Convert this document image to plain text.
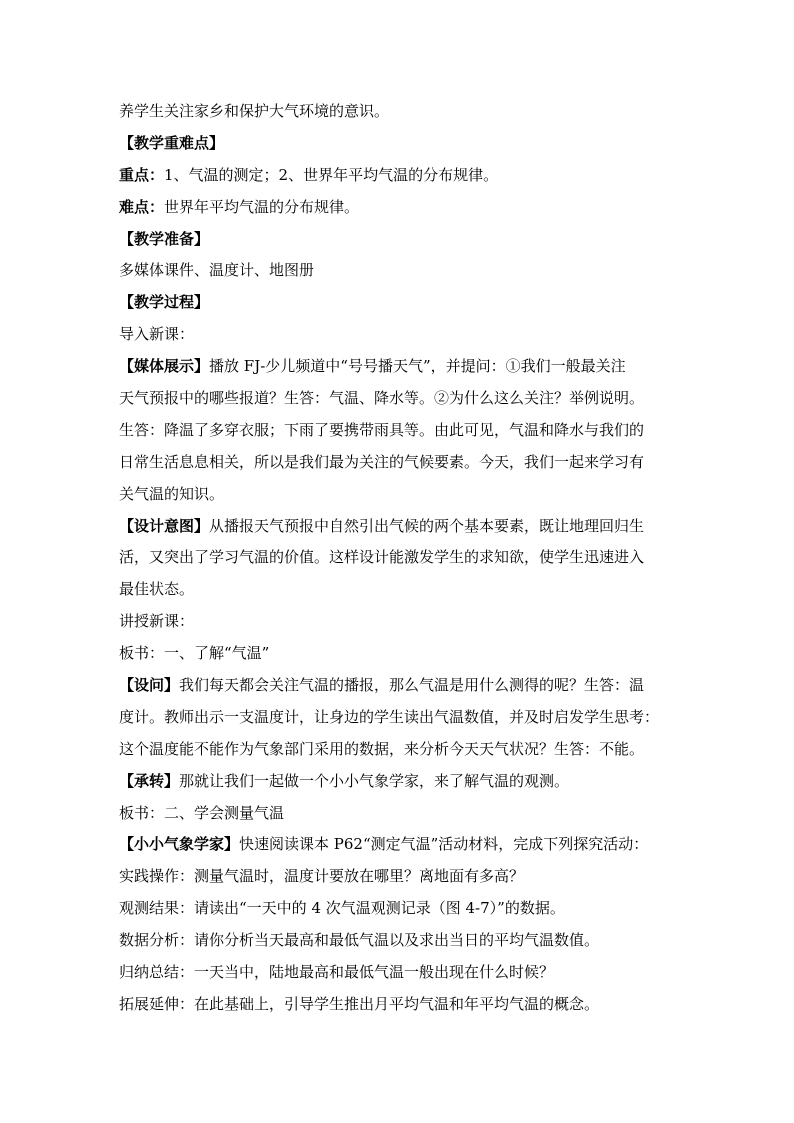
养学生关注家乡和保护大气环境的意识。
【教学重难点】
重点：1、气温的测定；2、世界年平均气温的分布规律。
难点：世界年平均气温的分布规律。
【教学准备】
多媒体课件、温度计、地图册
【教学过程】
导入新课：
【媒体展示】播放 FJ-少儿频道中“号号播天气”，并提问：①我们一般最关注
天气预报中的哪些报道？生答：气温、降水等。②为什么这么关注？举例说明。
生答：降温了多穿衣服；下雨了要携带雨具等。由此可见，气温和降水与我们的
日常生活息息相关，所以是我们最为关注的气候要素。今天，我们一起来学习有
关气温的知识。
【设计意图】从播报天气预报中自然引出气候的两个基本要素，既让地理回归生
活，又突出了学习气温的价值。这样设计能激发学生的求知欲，使学生迅速进入
最佳状态。
讲授新课：
板书：一、了解“气温”
【设问】我们每天都会关注气温的播报，那么气温是用什么测得的呢？生答：温
度计。教师出示一支温度计，让身边的学生读出气温数值，并及时启发学生思考：
这个温度能不能作为气象部门采用的数据，来分析今天天气状况？生答：不能。
【承转】那就让我们一起做一个小小气象学家，来了解气温的观测。
板书：二、学会测量气温
【小小气象学家】快速阅读课本 P62“测定气温”活动材料，完成下列探究活动：
实践操作：测量气温时，温度计要放在哪里？离地面有多高？
观测结果：请读出“一天中的 4 次气温观测记录（图 4-7）”的数据。
数据分析：请你分析当天最高和最低气温以及求出当日的平均气温数值。
归纳总结：一天当中，陆地最高和最低气温一般出现在什么时候？
拓展延伸：在此基础上，引导学生推出月平均气温和年平均气温的概念。
